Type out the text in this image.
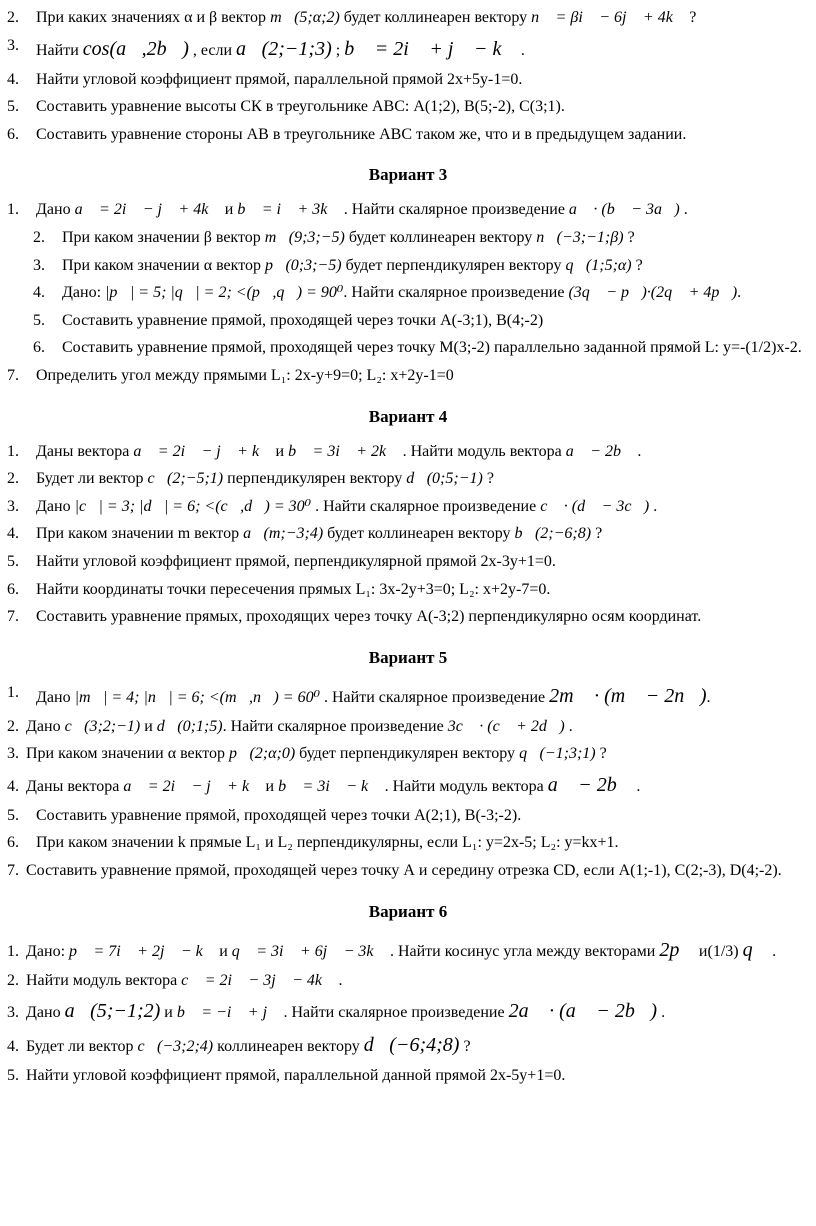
2.	При каких значениях α и β вектор m⃗(5;α;2) будет коллинеарен вектору n⃗ = βi⃗ − 6j⃗ + 4k⃗ ?
3.	Найти cos(a⃗,2b⃗) , если a⃗(2;−1;3) ; b⃗ = 2i⃗ + j⃗ − k⃗ .
4.	Найти угловой коэффициент прямой, параллельной прямой 2x+5y-1=0.
5.	Составить уравнение высоты СК в треугольнике АВС: А(1;2), В(5;-2), С(3;1).
6.	Составить уравнение стороны АВ в треугольнике АВС таком же, что и в предыдущем задании.
Вариант 3
1.	Дано a⃗ = 2i⃗ − j⃗ + 4k⃗ и b⃗ = i⃗ + 3k⃗ . Найти скалярное произведение a⃗ · (b⃗ − 3a⃗) .
2.	При каком значении β вектор m⃗(9;3;−5) будет коллинеарен вектору n⃗(−3;−1;β) ?
3.	При каком значении α вектор p⃗(0;3;−5) будет перпендикулярен вектору q⃗(1;5;α) ?
4.	Дано: |p⃗| = 5; |q⃗| = 2; <(p⃗,q⃗) = 90⁰. Найти скалярное произведение (3q⃗ − p⃗)·(2q⃗ + 4p⃗).
5.	Составить уравнение прямой, проходящей через точки А(-3;1), В(4;-2)
6.	Составить уравнение прямой, проходящей через точку М(3;-2) параллельно заданной прямой L: y=-(1/2)x-2.
7.	Определить угол между прямыми L₁: 2x-y+9=0; L₂: x+2y-1=0
Вариант 4
1.	Даны вектора a⃗ = 2i⃗ − j⃗ + k⃗ и b⃗ = 3i⃗ + 2k⃗ . Найти модуль вектора a⃗ − 2b⃗ .
2.	Будет ли вектор c⃗(2;−5;1) перпендикулярен вектору d⃗(0;5;−1) ?
3.	Дано |c⃗| = 3; |d⃗| = 6; <(c⃗,d⃗) = 30⁰ . Найти скалярное произведение c⃗ · (d⃗ − 3c⃗) .
4.	При каком значении m вектор a⃗(m;−3;4) будет коллинеарен вектору b⃗(2;−6;8) ?
5.	Найти угловой коэффициент прямой, перпендикулярной прямой 2x-3y+1=0.
6.	Найти координаты точки пересечения прямых L₁: 3x-2y+3=0; L₂: x+2y-7=0.
7.	Составить уравнение прямых, проходящих через точку А(-3;2) перпендикулярно осям координат.
Вариант 5
1.	Дано |m⃗| = 4; |n⃗| = 6; <(m⃗,n⃗) = 60⁰ . Найти скалярное произведение 2m⃗ · (m⃗ − 2n⃗).
2. Дано c⃗(3;2;−1) и d⃗(0;1;5). Найти скалярное произведение 3c⃗ · (c⃗ + 2d⃗) .
3. При каком значении α вектор p⃗(2;α;0) будет перпендикулярен вектору q⃗(−1;3;1) ?
4. Даны вектора a⃗ = 2i⃗ − j⃗ + k⃗ и b⃗ = 3i⃗ − k⃗ . Найти модуль вектора a⃗ − 2b⃗ .
5.	Составить уравнение прямой, проходящей через точки А(2;1), В(-3;-2).
6.	При каком значении k прямые L₁ и L₂ перпендикулярны, если L₁: y=2x-5; L₂: y=kx+1.
7. Составить уравнение прямой, проходящей через точку А и середину отрезка CD, если А(1;-1), С(2;-3), D(4;-2).
Вариант 6
1. Дано: p⃗ = 7i⃗ + 2j⃗ − k⃗ и q⃗ = 3i⃗ + 6j⃗ − 3k⃗ . Найти косинус угла между векторами 2p⃗ и(1/3) q⃗ .
2. Найти модуль вектора c⃗ = 2i⃗ − 3j⃗ − 4k⃗ .
3. Дано a⃗(5;−1;2) и b⃗ = −i⃗ + j⃗ . Найти скалярное произведение 2a⃗ · (a⃗ − 2b⃗) .
4. Будет ли вектор c⃗(−3;2;4) коллинеарен вектору d⃗(−6;4;8) ?
5. Найти угловой коэффициент прямой, параллельной данной прямой 2x-5y+1=0.
